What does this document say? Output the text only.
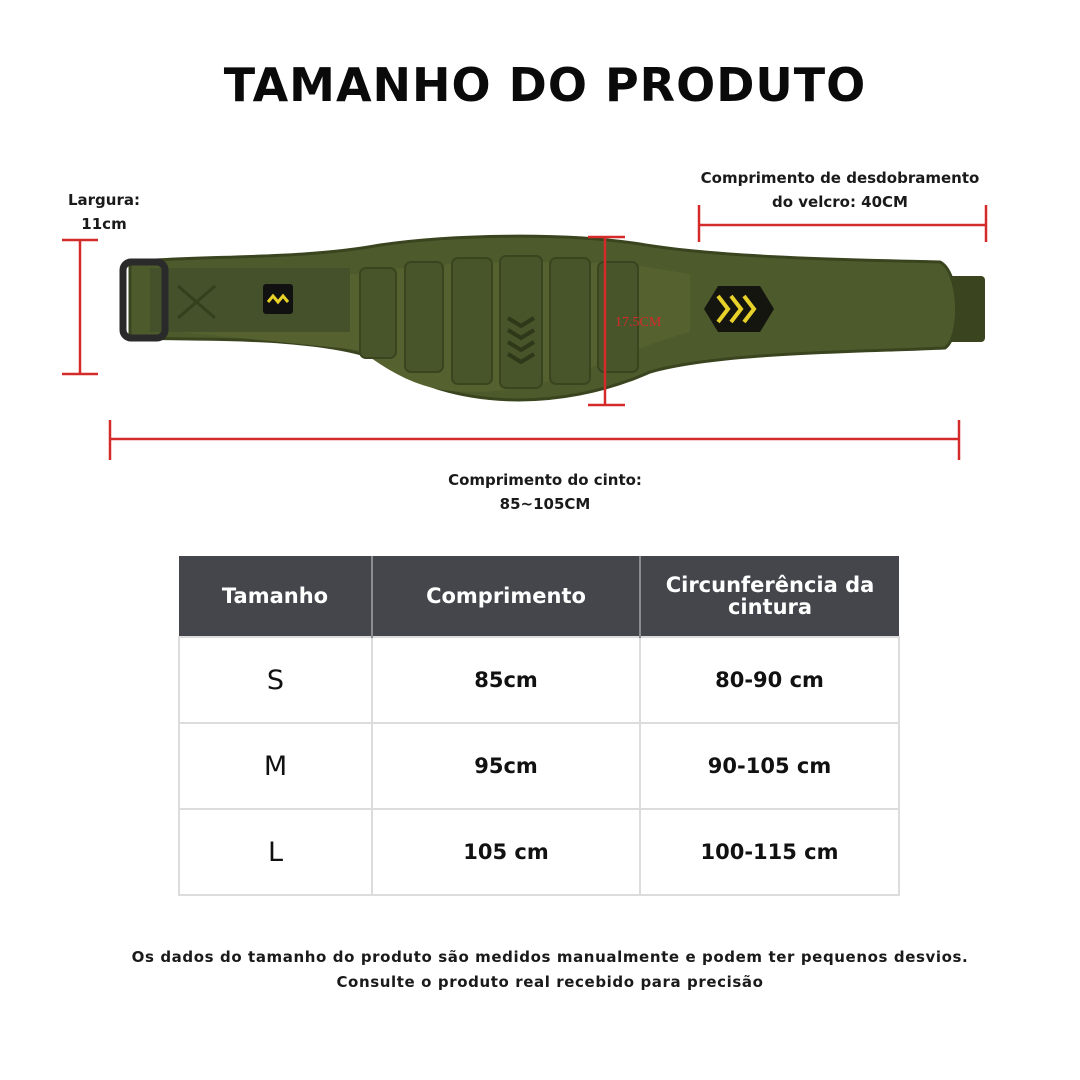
TAMANHO DO PRODUTO
Largura:
11cm
Comprimento de desdobramento
do velcro: 40CM
17.5CM
Comprimento do cinto:
85~105CM
Tamanho	Comprimento	Circunferência da cintura
S	85cm	80-90 cm
M	95cm	90-105 cm
L	105 cm	100-115 cm
Os dados do tamanho do produto são medidos manualmente e podem ter pequenos desvios. Consulte o produto real recebido para precisão
